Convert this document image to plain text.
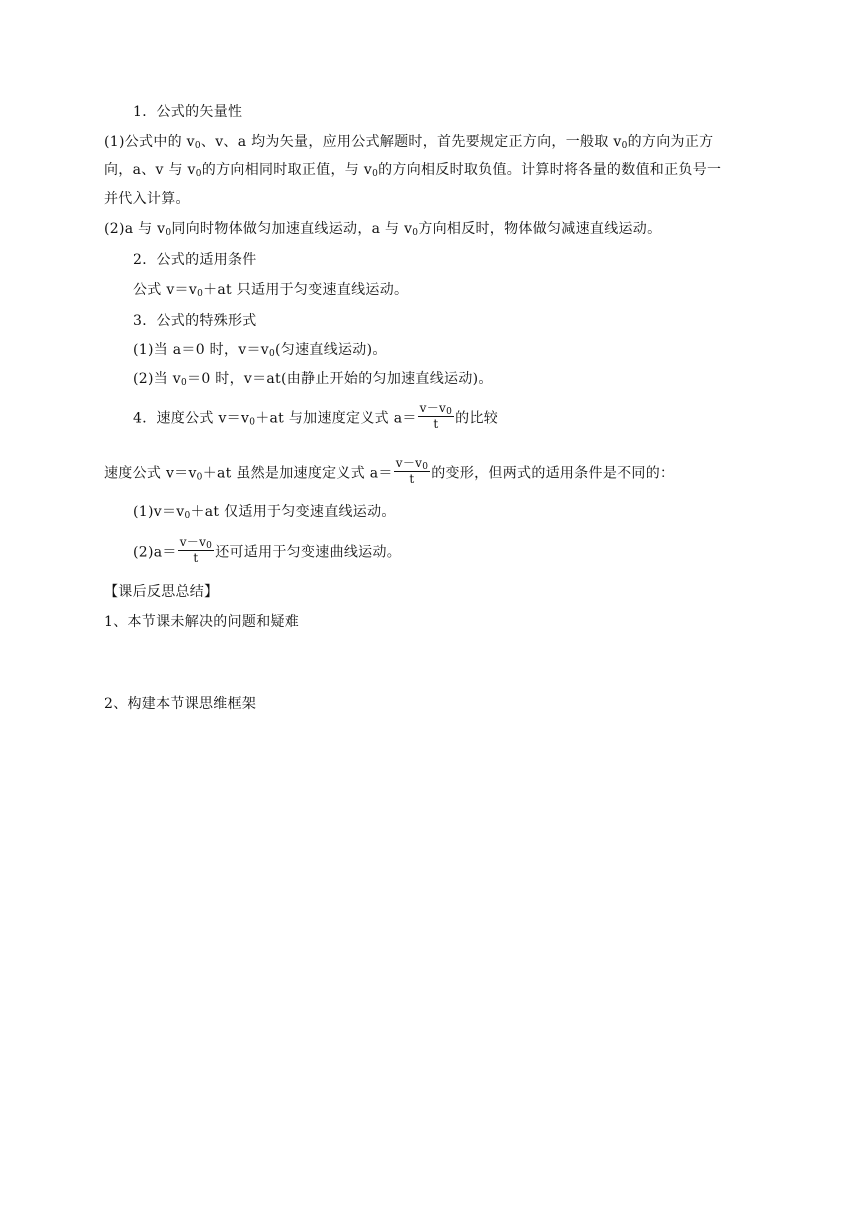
1．公式的矢量性
(1)公式中的 $v_0$、v、a 均为矢量，应用公式解题时，首先要规定正方向，一般取 $v_0$的方向为正方
向，a、v 与 $v_0$的方向相同时取正值，与 $v_0$的方向相反时取负值。计算时将各量的数值和正负号一
并代入计算。
(2)a 与 $v_0$同向时物体做匀加速直线运动，a 与 $v_0$方向相反时，物体做匀减速直线运动。
2．公式的适用条件
公式 $v=v_0+at$ 只适用于匀变速直线运动。
3．公式的特殊形式
(1)当 a＝0 时，$v=v_0$(匀速直线运动)。
(2)当 $v_0=0$ 时，v＝at(由静止开始的匀加速直线运动)。
4．速度公式 $v=v_0+at$ 与加速度定义式 $a= \frac{v-v_0}{t}$ 的比较
速度公式 $v=v_0+at$ 虽然是加速度定义式 $a= \frac{v-v_0}{t}$ 的变形，但两式的适用条件是不同的：
$(1)v=v_0+at$ 仅适用于匀变速直线运动。
$(2)a= \frac{v-v_0}{t}$ 还可适用于匀变速曲线运动。
【课后反思总结】
1、本节课未解决的问题和疑难
2、构建本节课思维框架
